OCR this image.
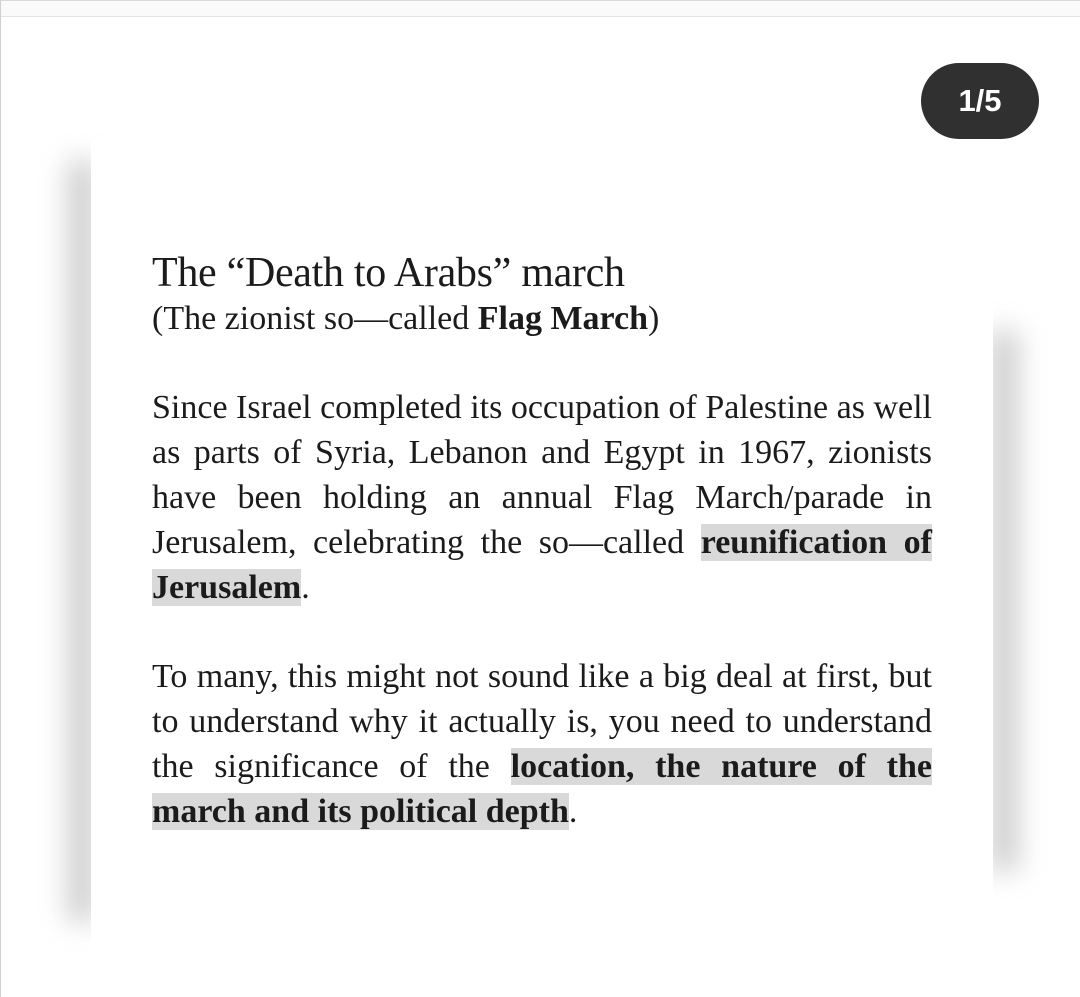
1/5
The “Death to Arabs” march

(The zionist so—called Flag March)

Since Israel completed its occupation of Palestine as well as parts of Syria, Lebanon and Egypt in 1967, zionists have been holding an annual Flag March/parade in Jerusalem, celebrating the so—called reunification of Jerusalem.

To many, this might not sound like a big deal at first, but to understand why it actually is, you need to understand the significance of the location, the nature of the march and its political depth.
